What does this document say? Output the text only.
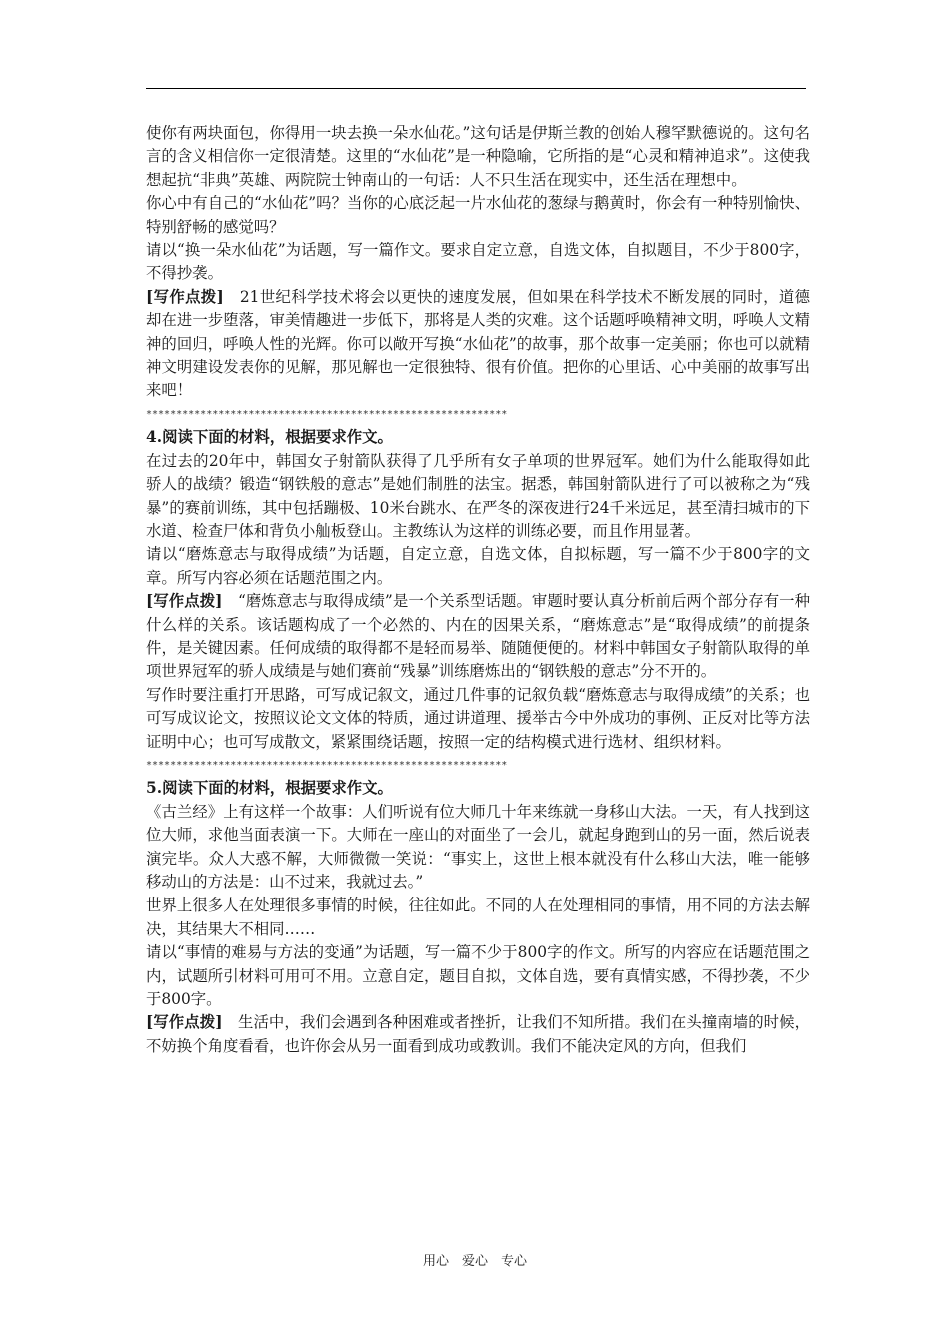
使你有两块面包，你得用一块去换一朵水仙花。”这句话是伊斯兰教的创始人穆罕默德说的。这句名言的含义相信你一定很清楚。这里的“水仙花”是一种隐喻，它所指的是“心灵和精神追求”。这使我想起抗“非典”英雄、两院院士钟南山的一句话：人不只生活在现实中，还生活在理想中。

你心中有自己的“水仙花”吗？当你的心底泛起一片水仙花的葱绿与鹅黄时，你会有一种特别愉快、特别舒畅的感觉吗？

请以“换一朵水仙花”为话题，写一篇作文。要求自定立意，自选文体，自拟题目，不少于800字，不得抄袭。

[写作点拨]　21世纪科学技术将会以更快的速度发展，但如果在科学技术不断发展的同时，道德却在进一步堕落，审美情趣进一步低下，那将是人类的灾难。这个话题呼唤精神文明，呼唤人文精神的回归，呼唤人性的光辉。你可以敞开写换“水仙花”的故事，那个故事一定美丽；你也可以就精神文明建设发表你的见解，那见解也一定很独特、很有价值。把你的心里话、心中美丽的故事写出来吧！

************************************************************

4.阅读下面的材料，根据要求作文。

在过去的20年中，韩国女子射箭队获得了几乎所有女子单项的世界冠军。她们为什么能取得如此骄人的战绩？锻造“钢铁般的意志”是她们制胜的法宝。据悉，韩国射箭队进行了可以被称之为“残暴”的赛前训练，其中包括蹦极、10米台跳水、在严冬的深夜进行24千米远足，甚至清扫城市的下水道、检查尸体和背负小舢板登山。主教练认为这样的训练必要，而且作用显著。

请以“磨炼意志与取得成绩”为话题，自定立意，自选文体，自拟标题，写一篇不少于800字的文章。所写内容必须在话题范围之内。

[写作点拨]　“磨炼意志与取得成绩”是一个关系型话题。审题时要认真分析前后两个部分存有一种什么样的关系。该话题构成了一个必然的、内在的因果关系，“磨炼意志”是“取得成绩”的前提条件，是关键因素。任何成绩的取得都不是轻而易举、随随便便的。材料中韩国女子射箭队取得的单项世界冠军的骄人成绩是与她们赛前“残暴”训练磨炼出的“钢铁般的意志”分不开的。

写作时要注重打开思路，可写成记叙文，通过几件事的记叙负载“磨炼意志与取得成绩”的关系；也可写成议论文，按照议论文文体的特质，通过讲道理、援举古今中外成功的事例、正反对比等方法证明中心；也可写成散文，紧紧围绕话题，按照一定的结构模式进行选材、组织材料。

************************************************************

5.阅读下面的材料，根据要求作文。

《古兰经》上有这样一个故事：人们听说有位大师几十年来练就一身移山大法。一天，有人找到这位大师，求他当面表演一下。大师在一座山的对面坐了一会儿，就起身跑到山的另一面，然后说表演完毕。众人大惑不解，大师微微一笑说：“事实上，这世上根本就没有什么移山大法，唯一能够移动山的方法是：山不过来，我就过去。”

世界上很多人在处理很多事情的时候，往往如此。不同的人在处理相同的事情，用不同的方法去解决，其结果大不相同……

请以“事情的难易与方法的变通”为话题，写一篇不少于800字的作文。所写的内容应在话题范围之内，试题所引材料可用可不用。立意自定，题目自拟，文体自选，要有真情实感，不得抄袭，不少于800字。

[写作点拨]　生活中，我们会遇到各种困难或者挫折，让我们不知所措。我们在头撞南墙的时候，不妨换个角度看看，也许你会从另一面看到成功或教训。我们不能决定风的方向，但我们

用心　爱心　专心
